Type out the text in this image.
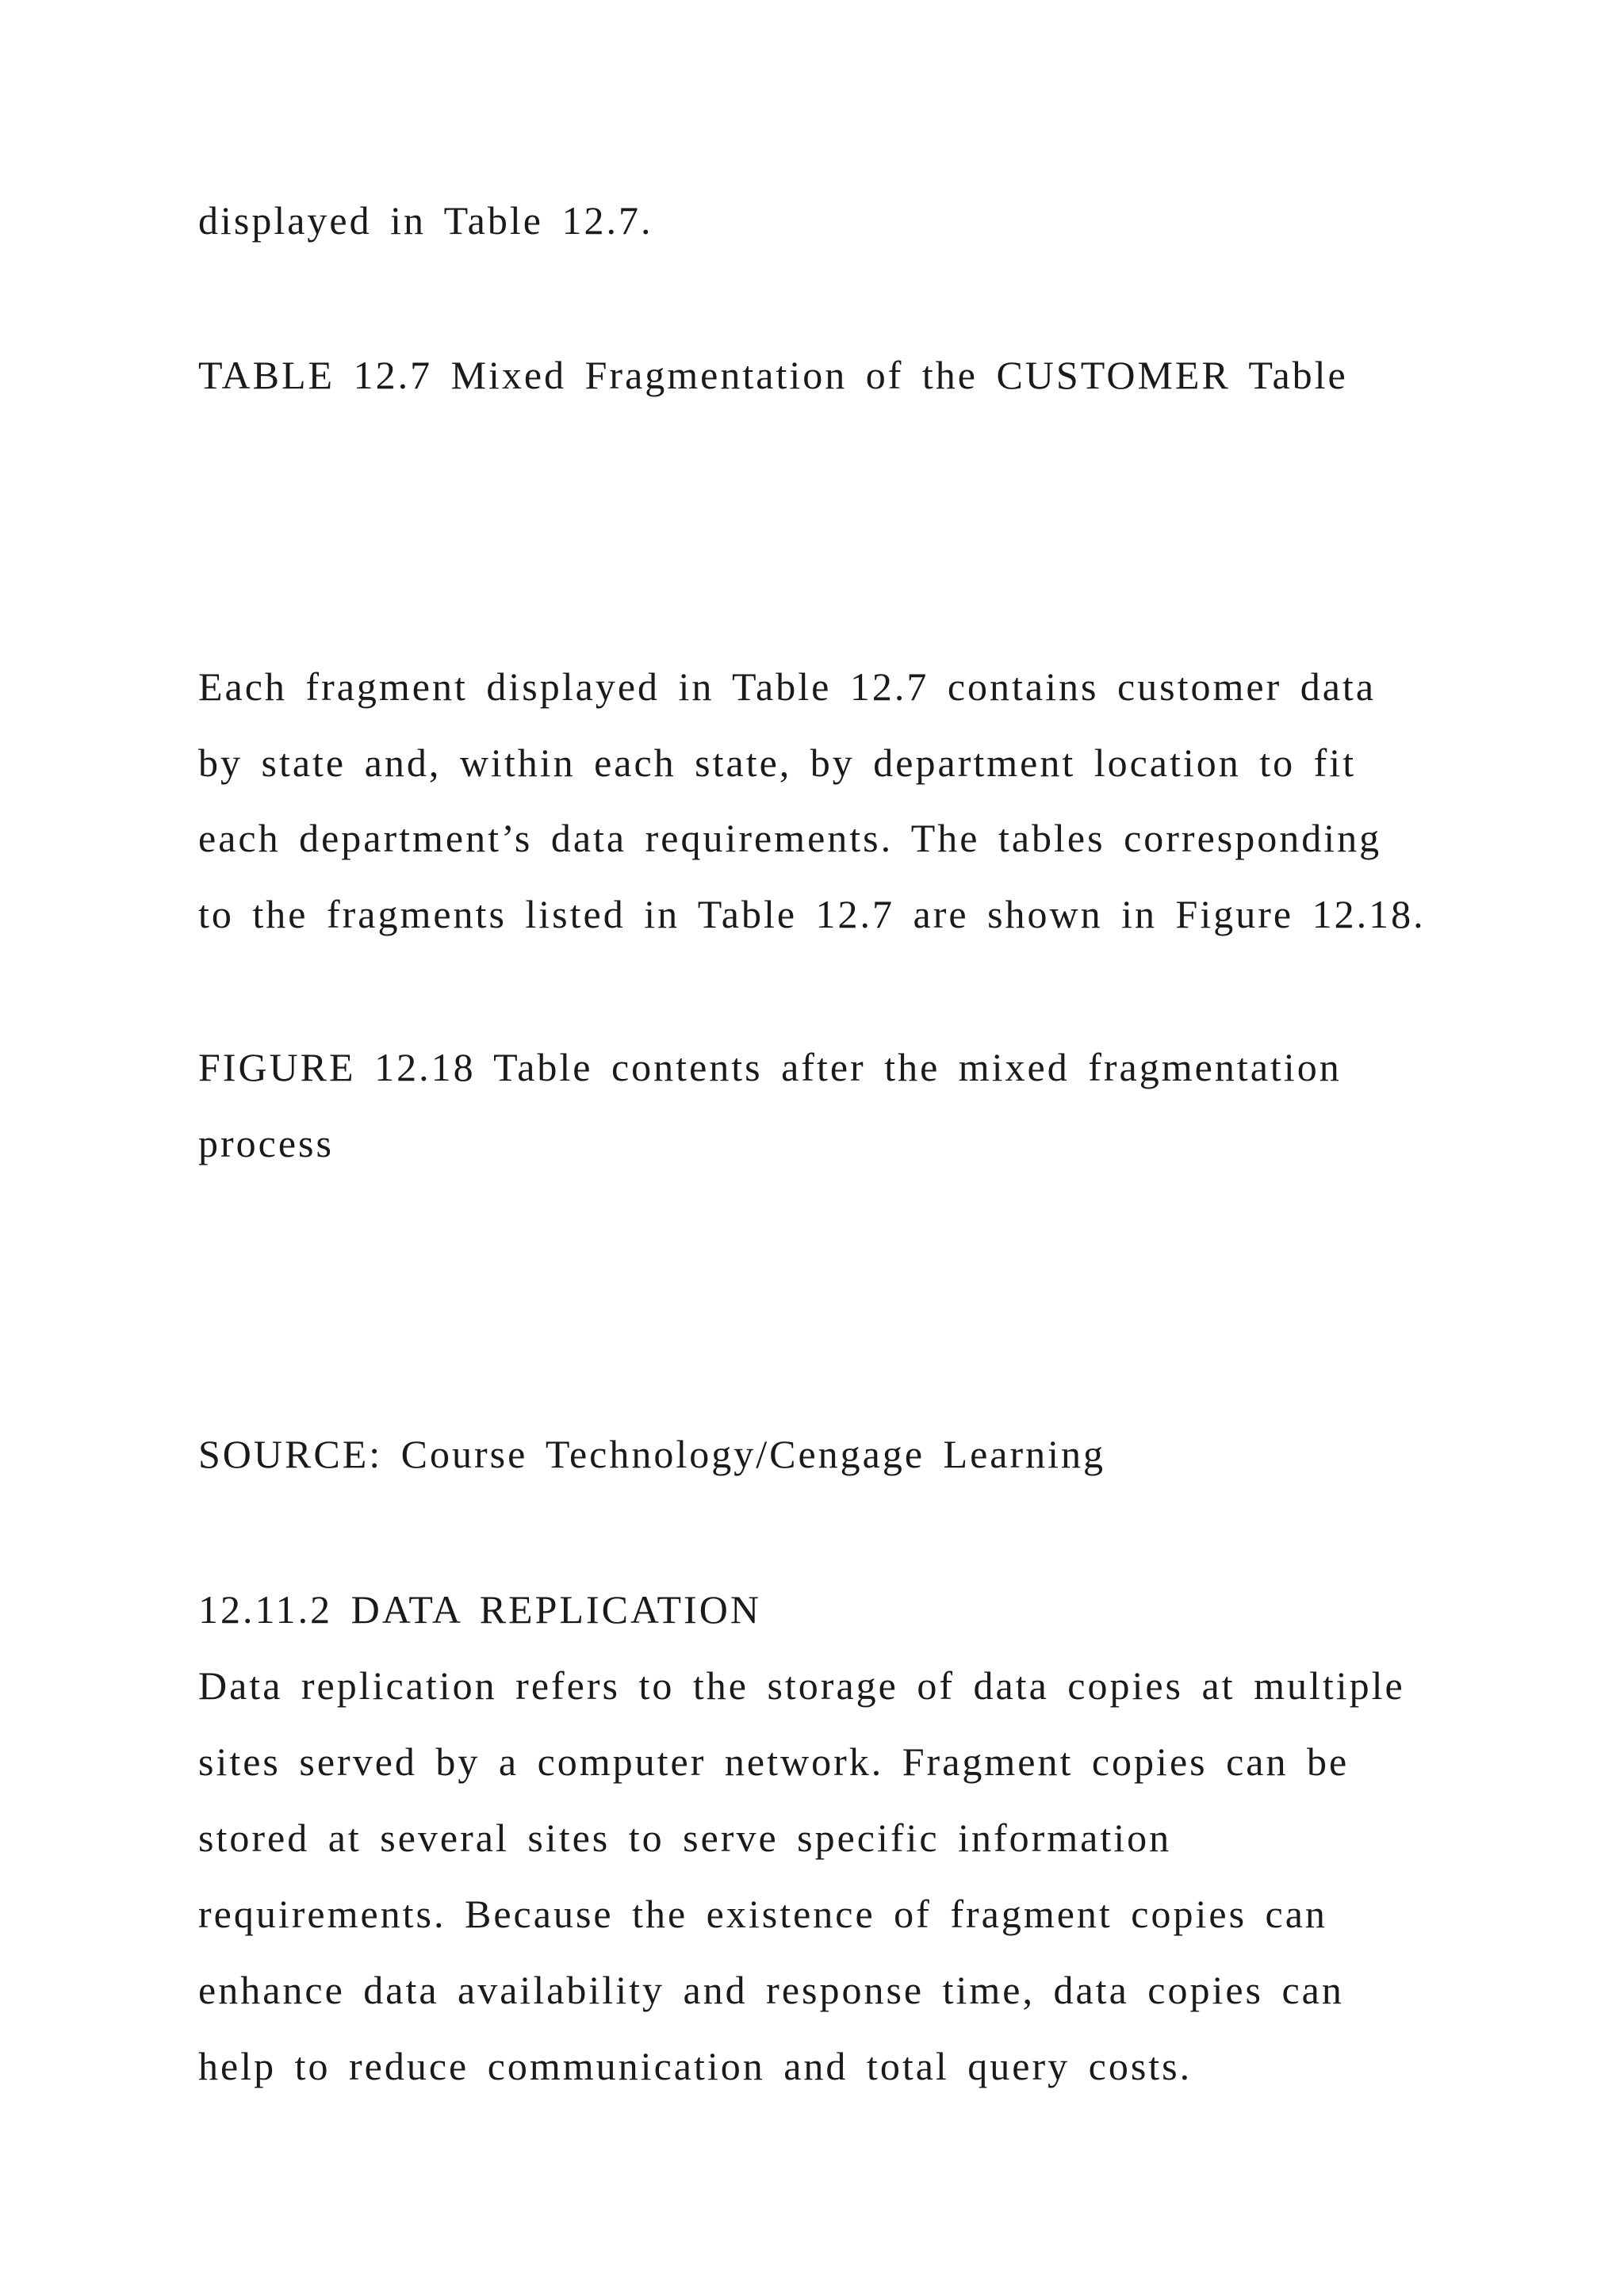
displayed in Table 12.7.
TABLE 12.7 Mixed Fragmentation of the CUSTOMER Table
Each fragment displayed in Table 12.7 contains customer data
by state and, within each state, by department location to fit
each department’s data requirements. The tables corresponding
to the fragments listed in Table 12.7 are shown in Figure 12.18.
FIGURE 12.18 Table contents after the mixed fragmentation
process
SOURCE: Course Technology/Cengage Learning
12.11.2 DATA REPLICATION
Data replication refers to the storage of data copies at multiple
sites served by a computer network. Fragment copies can be
stored at several sites to serve specific information
requirements. Because the existence of fragment copies can
enhance data availability and response time, data copies can
help to reduce communication and total query costs.
